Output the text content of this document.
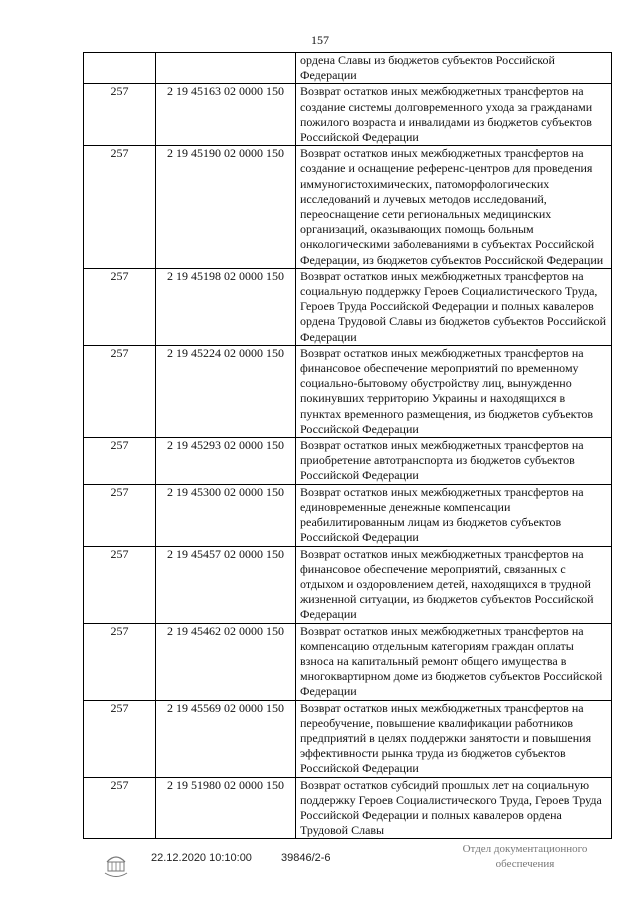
157
		ордена Славы из бюджетов субъектов Российской Федерации
257	2 19 45163 02 0000 150	Возврат остатков иных межбюджетных трансфертов на создание системы долговременного ухода за гражданами пожилого возраста и инвалидами из бюджетов субъектов Российской Федерации
257	2 19 45190 02 0000 150	Возврат остатков иных межбюджетных трансфертов на создание и оснащение референс-центров для проведения иммуногистохимических, патоморфологических исследований и лучевых методов исследований, переоснащение сети региональных медицинских организаций, оказывающих помощь больным онкологическими заболеваниями в субъектах Российской Федерации, из бюджетов субъектов Российской Федерации
257	2 19 45198 02 0000 150	Возврат остатков иных межбюджетных трансфертов на социальную поддержку Героев Социалистического Труда, Героев Труда Российской Федерации и полных кавалеров ордена Трудовой Славы из бюджетов субъектов Российской Федерации
257	2 19 45224 02 0000 150	Возврат остатков иных межбюджетных трансфертов на финансовое обеспечение мероприятий по временному социально-бытовому обустройству лиц, вынужденно покинувших территорию Украины и находящихся в пунктах временного размещения, из бюджетов субъектов Российской Федерации
257	2 19 45293 02 0000 150	Возврат остатков иных межбюджетных трансфертов на приобретение автотранспорта из бюджетов субъектов Российской Федерации
257	2 19 45300 02 0000 150	Возврат остатков иных межбюджетных трансфертов на единовременные денежные компенсации реабилитированным лицам из бюджетов субъектов Российской Федерации
257	2 19 45457 02 0000 150	Возврат остатков иных межбюджетных трансфертов на финансовое обеспечение мероприятий, связанных с отдыхом и оздоровлением детей, находящихся в трудной жизненной ситуации, из бюджетов субъектов Российской Федерации
257	2 19 45462 02 0000 150	Возврат остатков иных межбюджетных трансфертов на компенсацию отдельным категориям граждан оплаты взноса на капитальный ремонт общего имущества в многоквартирном доме из бюджетов субъектов Российской Федерации
257	2 19 45569 02 0000 150	Возврат остатков иных межбюджетных трансфертов на переобучение, повышение квалификации работников предприятий в целях поддержки занятости и повышения эффективности рынка труда из бюджетов субъектов Российской Федерации
257	2 19 51980 02 0000 150	Возврат остатков субсидий прошлых лет на социальную поддержку Героев Социалистического Труда, Героев Труда Российской Федерации и полных кавалеров ордена Трудовой Славы
22.12.2020 10:10:00	39846/2-6
Отдел документационного обеспечения
